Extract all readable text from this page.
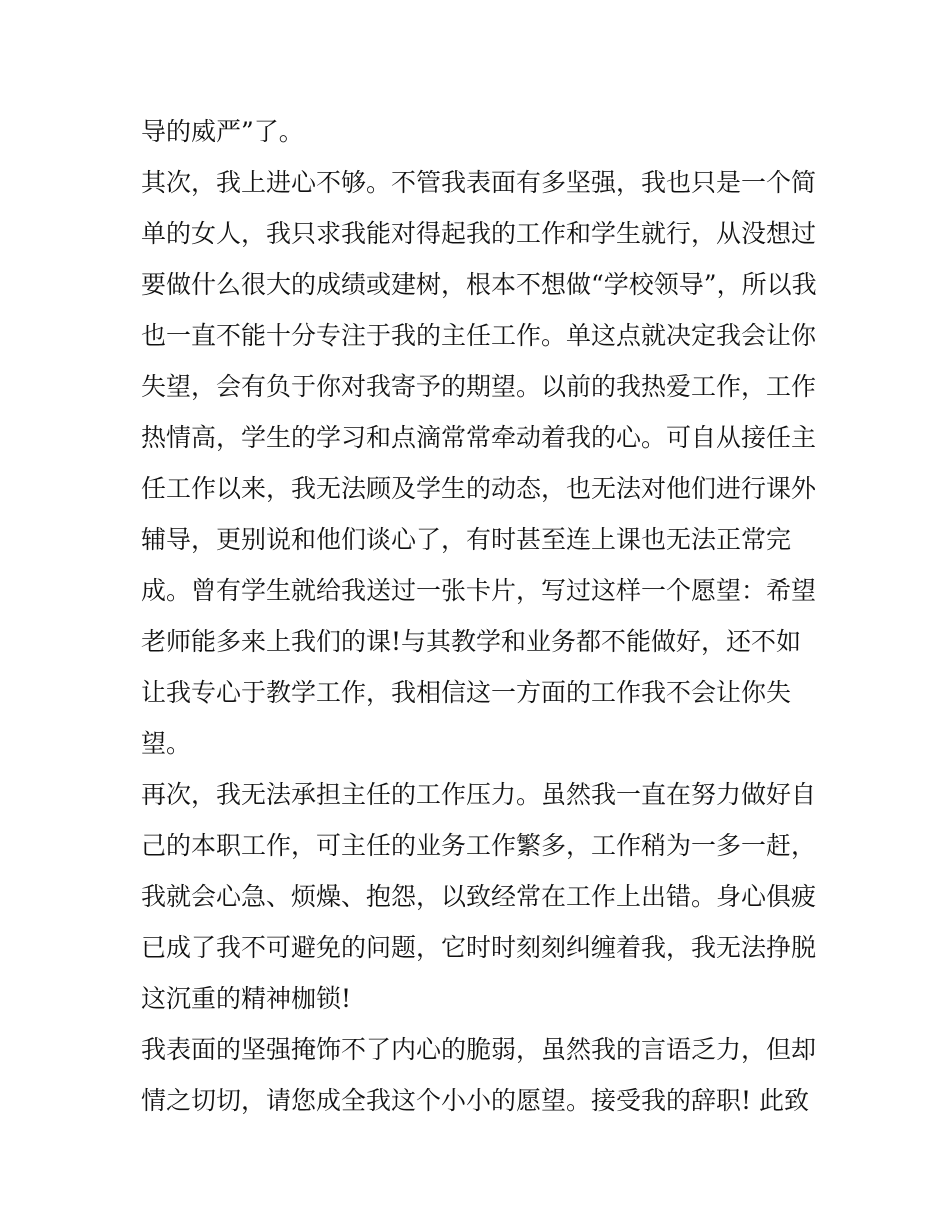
导的威严”了。
其次，我上进心不够。不管我表面有多坚强，我也只是一个简
单的女人，我只求我能对得起我的工作和学生就行，从没想过
要做什么很大的成绩或建树，根本不想做“学校领导”，所以我
也一直不能十分专注于我的主任工作。单这点就决定我会让你
失望，会有负于你对我寄予的期望。以前的我热爱工作，工作
热情高，学生的学习和点滴常常牵动着我的心。可自从接任主
任工作以来，我无法顾及学生的动态，也无法对他们进行课外
辅导，更别说和他们谈心了，有时甚至连上课也无法正常完
成。曾有学生就给我送过一张卡片，写过这样一个愿望：希望
老师能多来上我们的课!与其教学和业务都不能做好，还不如
让我专心于教学工作，我相信这一方面的工作我不会让你失
望。
再次，我无法承担主任的工作压力。虽然我一直在努力做好自
己的本职工作，可主任的业务工作繁多，工作稍为一多一赶，
我就会心急、烦燥、抱怨，以致经常在工作上出错。身心俱疲
已成了我不可避免的问题，它时时刻刻纠缠着我，我无法挣脱
这沉重的精神枷锁!
我表面的坚强掩饰不了内心的脆弱，虽然我的言语乏力，但却
情之切切，请您成全我这个小小的愿望。接受我的辞职! 此致
